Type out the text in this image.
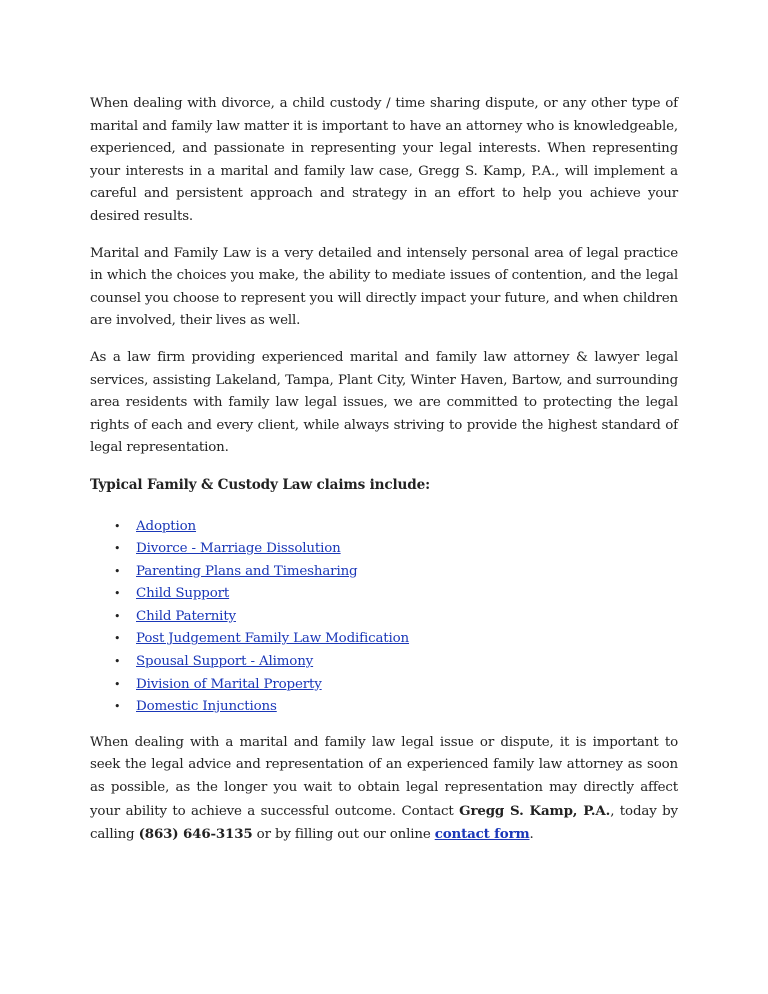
When dealing with divorce, a child custody / time sharing dispute, or any other type of marital and family law matter it is important to have an attorney who is knowledgeable, experienced, and passionate in representing your legal interests. When representing your interests in a marital and family law case, Gregg S. Kamp, P.A., will implement a careful and persistent approach and strategy in an effort to help you achieve your desired results.

Marital and Family Law is a very detailed and intensely personal area of legal practice in which the choices you make, the ability to mediate issues of contention, and the legal counsel you choose to represent you will directly impact your future, and when children are involved, their lives as well.

As a law firm providing experienced marital and family law attorney & lawyer legal services, assisting Lakeland, Tampa, Plant City, Winter Haven, Bartow, and surrounding area residents with family law legal issues, we are committed to protecting the legal rights of each and every client, while always striving to provide the highest standard of legal representation.

Typical Family & Custody Law claims include:

• Adoption
• Divorce - Marriage Dissolution
• Parenting Plans and Timesharing
• Child Support
• Child Paternity
• Post Judgement Family Law Modification
• Spousal Support - Alimony
• Division of Marital Property
• Domestic Injunctions

When dealing with a marital and family law legal issue or dispute, it is important to seek the legal advice and representation of an experienced family law attorney as soon as possible, as the longer you wait to obtain legal representation may directly affect your ability to achieve a successful outcome. Contact Gregg S. Kamp, P.A., today by calling (863) 646-3135 or by filling out our online contact form.
